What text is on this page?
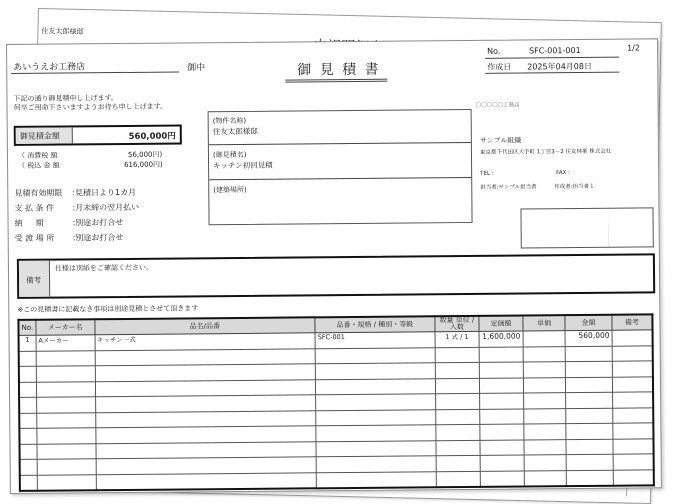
住友太郎様邸
あいうえお工務店	御中	御 見 積 書
No.	SFC-001-001
作成日 2025年04月08日
1/2
下記の通り御見積申し上げます。
何卒ご用命下さいますようお待ち申し上げます。
御見積金額	560,000円
（ 消費税 額	56,000円)
（ 税込 金 額	616,000円)
見積有効期限 :見積日より1カ月
支 払 条 件 :月末締の翌月払い
納 　 期	:別途お打合せ
受 渡 場 所 :別途お打合せ
(物件名称)
住友太郎様邸
(御見積名)
キッチン初回見積
(建築場所)
〇〇〇〇〇工務店
サンプル組織
東京都千代田区大手町 1丁目3－2 住友林業 株式会社
TEL :	FAX :
担当者:サンプル担当者	作成者:担当者１
備考
仕様は別紙をご確認ください。
※この見積書に記載なき事項は別途見積とさせて頂きます
No.	メーカー名	品名/品番	品番・規格 / 種別・等級	数量 単位 / 入数	定価額	単価	金額	備考
1	Aメーカー	キッチン一式	SFC-001	1 式 / 1	1,600,000		560,000	
